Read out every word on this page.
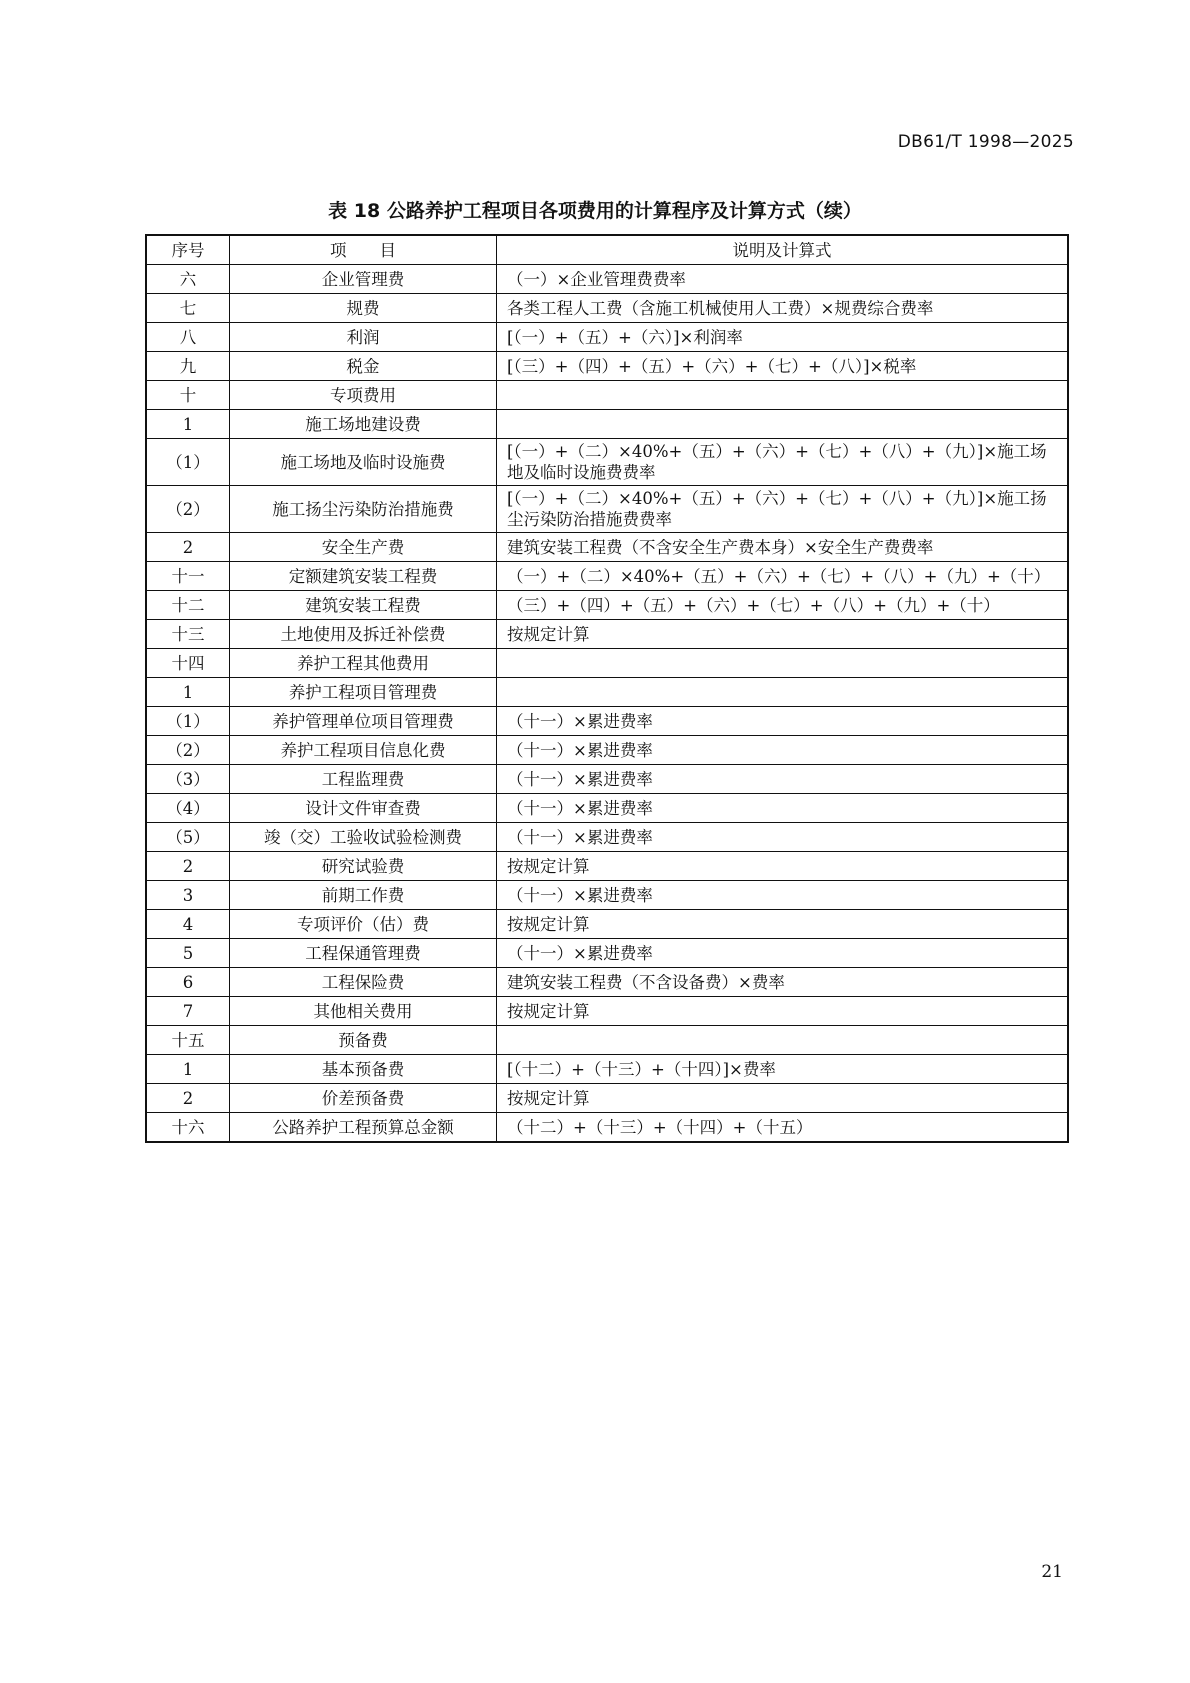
DB61/T 1998—2025
表 18 公路养护工程项目各项费用的计算程序及计算方式（续）
序号	项　　目	说明及计算式
六	企业管理费	（一）×企业管理费费率
七	规费	各类工程人工费（含施工机械使用人工费）×规费综合费率
八	利润	[（一）+（五）+（六）]×利润率
九	税金	[（三）+（四）+（五）+（六）+（七）+（八）]×税率
十	专项费用	
1	施工场地建设费	
（1）	施工场地及临时设施费	[（一）+（二）×40%+（五）+（六）+（七）+（八）+（九）]×施工场地及临时设施费费率
（2）	施工扬尘污染防治措施费	[（一）+（二）×40%+（五）+（六）+（七）+（八）+（九）]×施工扬尘污染防治措施费费率
2	安全生产费	建筑安装工程费（不含安全生产费本身）×安全生产费费率
十一	定额建筑安装工程费	（一）+（二）×40%+（五）+（六）+（七）+（八）+（九）+（十）
十二	建筑安装工程费	（三）+（四）+（五）+（六）+（七）+（八）+（九）+（十）
十三	土地使用及拆迁补偿费	按规定计算
十四	养护工程其他费用	
1	养护工程项目管理费	
（1）	养护管理单位项目管理费	（十一）×累进费率
（2）	养护工程项目信息化费	（十一）×累进费率
（3）	工程监理费	（十一）×累进费率
（4）	设计文件审查费	（十一）×累进费率
（5）	竣（交）工验收试验检测费	（十一）×累进费率
2	研究试验费	按规定计算
3	前期工作费	（十一）×累进费率
4	专项评价（估）费	按规定计算
5	工程保通管理费	（十一）×累进费率
6	工程保险费	建筑安装工程费（不含设备费）×费率
7	其他相关费用	按规定计算
十五	预备费	
1	基本预备费	[（十二）+（十三）+（十四）]×费率
2	价差预备费	按规定计算
十六	公路养护工程预算总金额	（十二）+（十三）+（十四）+（十五）
21
